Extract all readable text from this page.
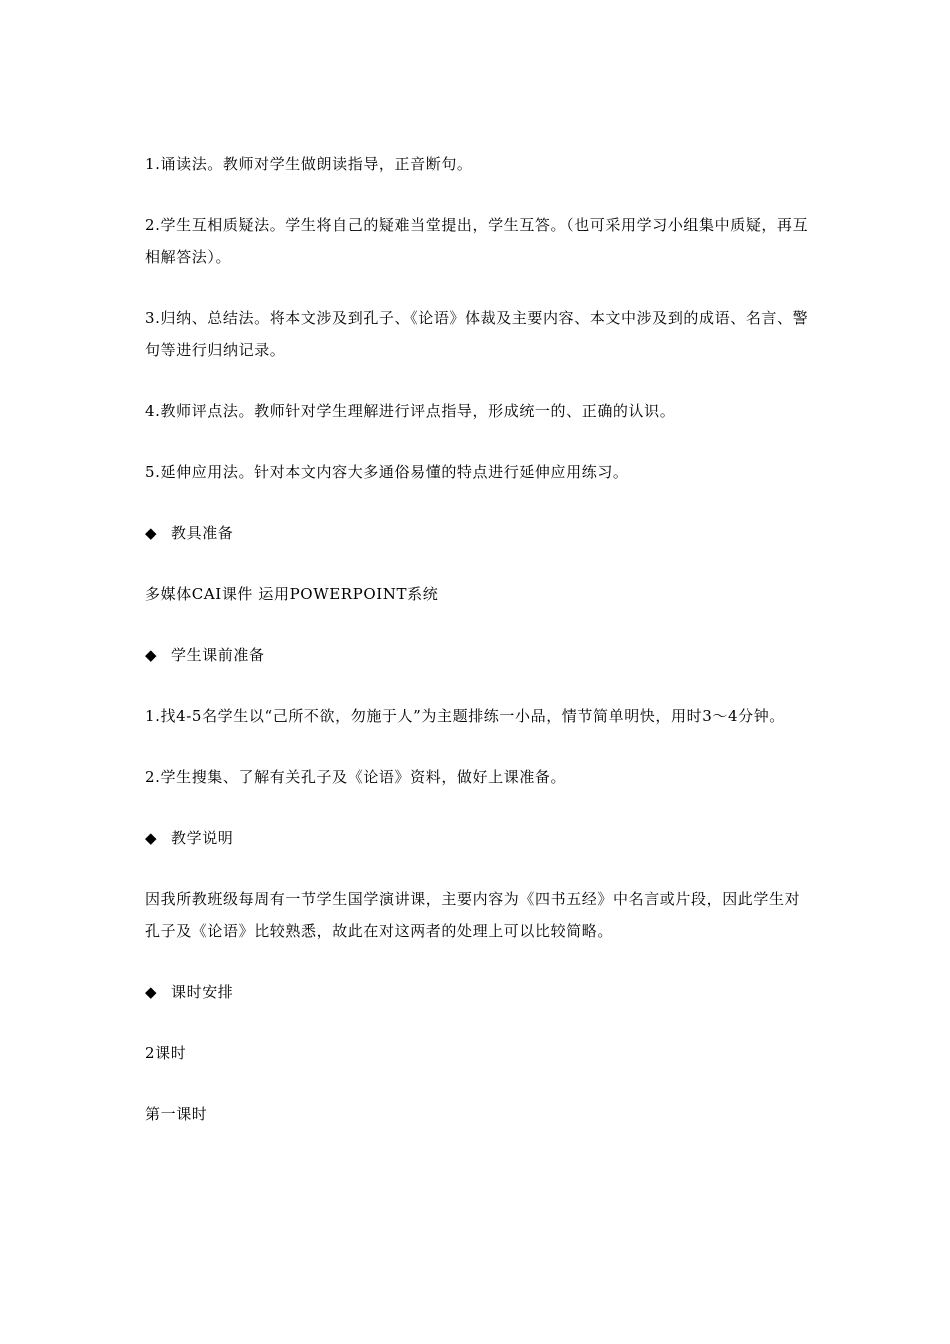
1.诵读法。教师对学生做朗读指导，正音断句。

2.学生互相质疑法。学生将自己的疑难当堂提出，学生互答。（也可采用学习小组集中质疑，再互相解答法）。

3.归纳、总结法。将本文涉及到孔子、《论语》体裁及主要内容、本文中涉及到的成语、名言、警句等进行归纳记录。

4.教师评点法。教师针对学生理解进行评点指导，形成统一的、正确的认识。

5.延伸应用法。针对本文内容大多通俗易懂的特点进行延伸应用练习。

◆ 教具准备

多媒体CAI课件 运用POWERPOINT系统

◆ 学生课前准备

1.找4-5名学生以“己所不欲，勿施于人”为主题排练一小品，情节简单明快，用时3～4分钟。

2.学生搜集、了解有关孔子及《论语》资料，做好上课准备。

◆ 教学说明

因我所教班级每周有一节学生国学演讲课，主要内容为《四书五经》中名言或片段，因此学生对孔子及《论语》比较熟悉，故此在对这两者的处理上可以比较简略。

◆ 课时安排

2课时

第一课时
